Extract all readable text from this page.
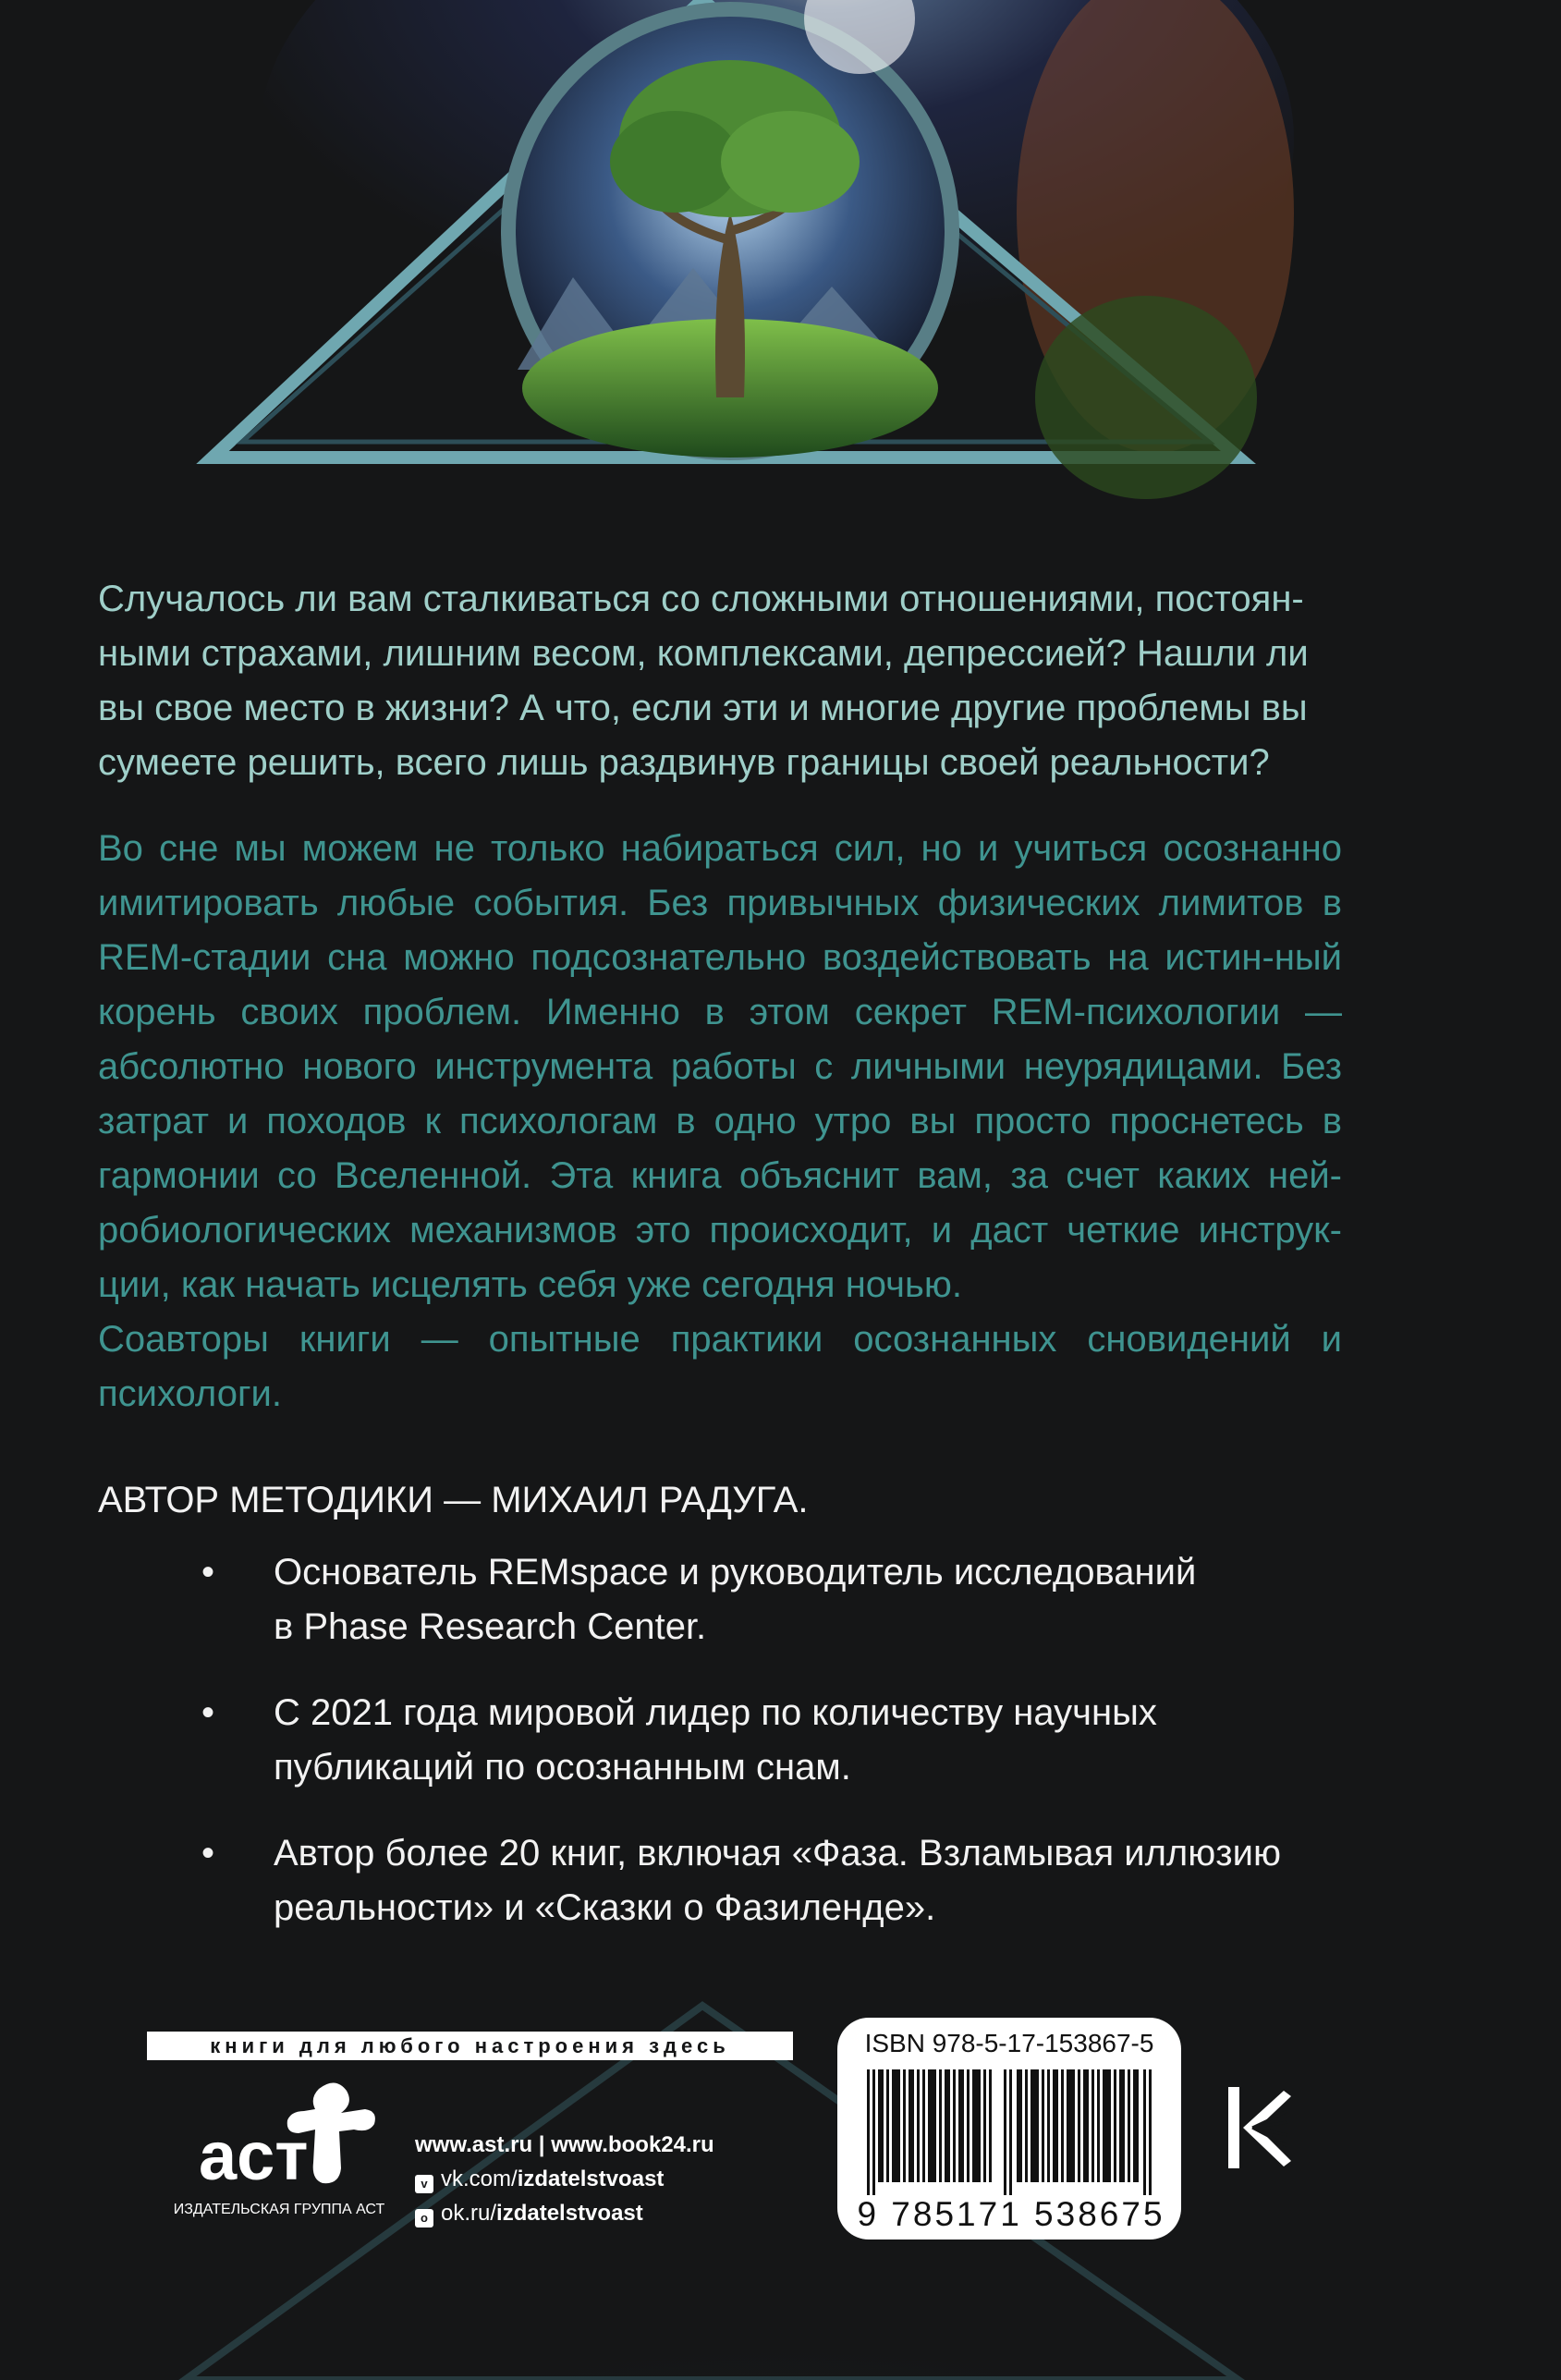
Случалось ли вам сталкиваться со сложными отношениями, постоян-

ными страхами, лишним весом, комплексами, депрессией? Нашли ли

вы свое место в жизни? А что, если эти и многие другие проблемы вы

сумеете решить, всего лишь раздвинув границы своей реальности?

Во сне мы можем не только набираться сил, но и учиться осознанно имитировать любые события. Без привычных физических лимитов в REM-стадии сна можно подсознательно воздействовать на истин-ный корень своих проблем. Именно в этом секрет REM-психологии — абсолютно нового инструмента работы с личными неурядицами. Без затрат и походов к психологам в одно утро вы просто проснетесь в гармонии со Вселенной. Эта книга объяснит вам, за счет каких ней-робиологических механизмов это происходит, и даст четкие инструк-ции, как начать исцелять себя уже сегодня ночью.

Соавторы книги — опытные практики осознанных сновидений и

психологи.

АВТОР МЕТОДИКИ — МИХАИЛ РАДУГА.
• Основатель REMspace и руководитель исследований
в Phase Research Center.
• С 2021 года мировой лидер по количеству научных
публикаций по осознанным снам.
• Автор более 20 книг, включая «Фаза. Взламывая иллюзию
реальности» и «Сказки о Фазиленде».
книги для любого настроения здесь
аст
ИЗДАТЕЛЬСКАЯ ГРУППА АСТ
www.ast.ru | www.book24.ru
v vk.com/izdatelstvoast
o ok.ru/izdatelstvoast
ISBN 978-5-17-153867-5
9 785171 538675
